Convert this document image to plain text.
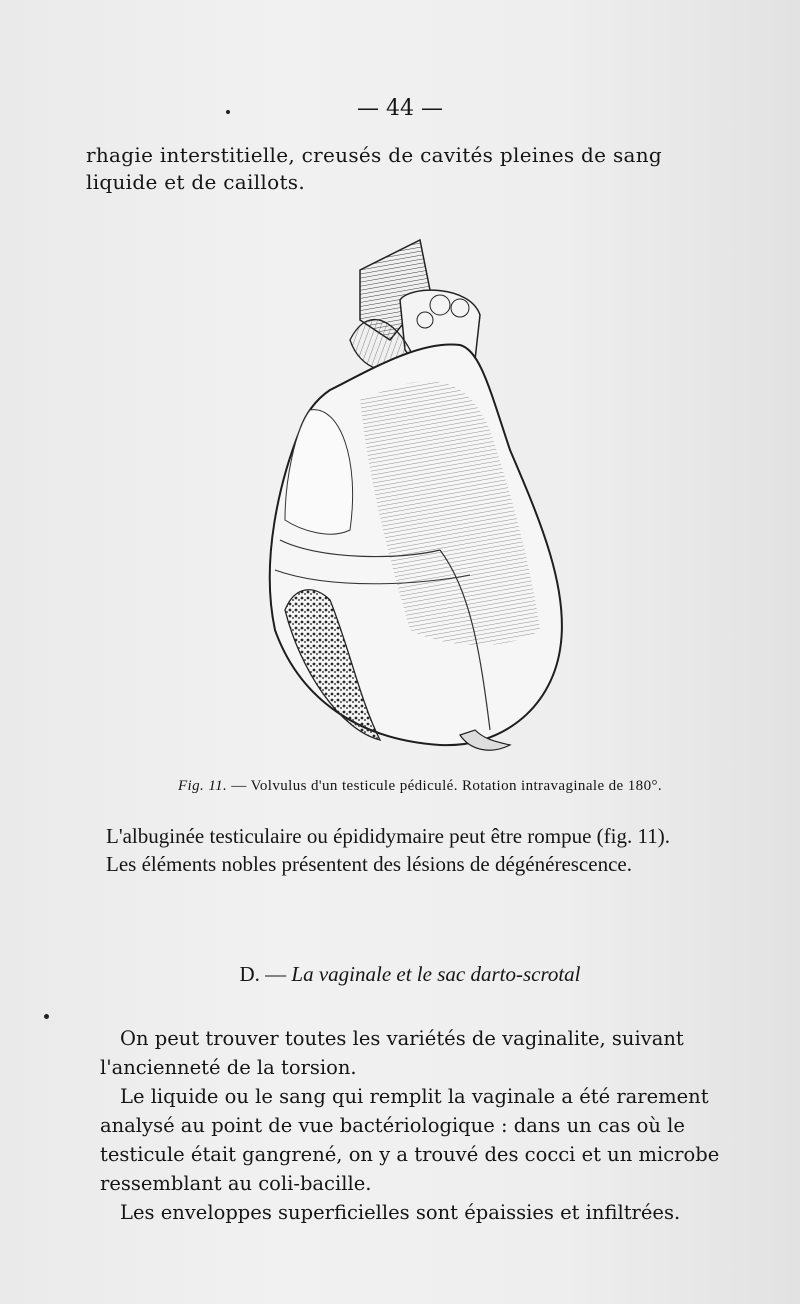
— 44 —
rhagie interstitielle, creusés de cavités pleines de sang liquide et de caillots.
Fig. 11. — Volvulus d'un testicule pédiculé. Rotation intravaginale de 180°.
L'albuginée testiculaire ou épididymaire peut être rompue (fig. 11).
Les éléments nobles présentent des lésions de dégénérescence.
D. — La vaginale et le sac darto-scrotal
On peut trouver toutes les variétés de vaginalite, suivant l'ancienneté de la torsion.
Le liquide ou le sang qui remplit la vaginale a été rarement analysé au point de vue bactériologique : dans un cas où le testicule était gangrené, on y a trouvé des cocci et un microbe ressemblant au coli-bacille.
Les enveloppes superficielles sont épaissies et infiltrées.
